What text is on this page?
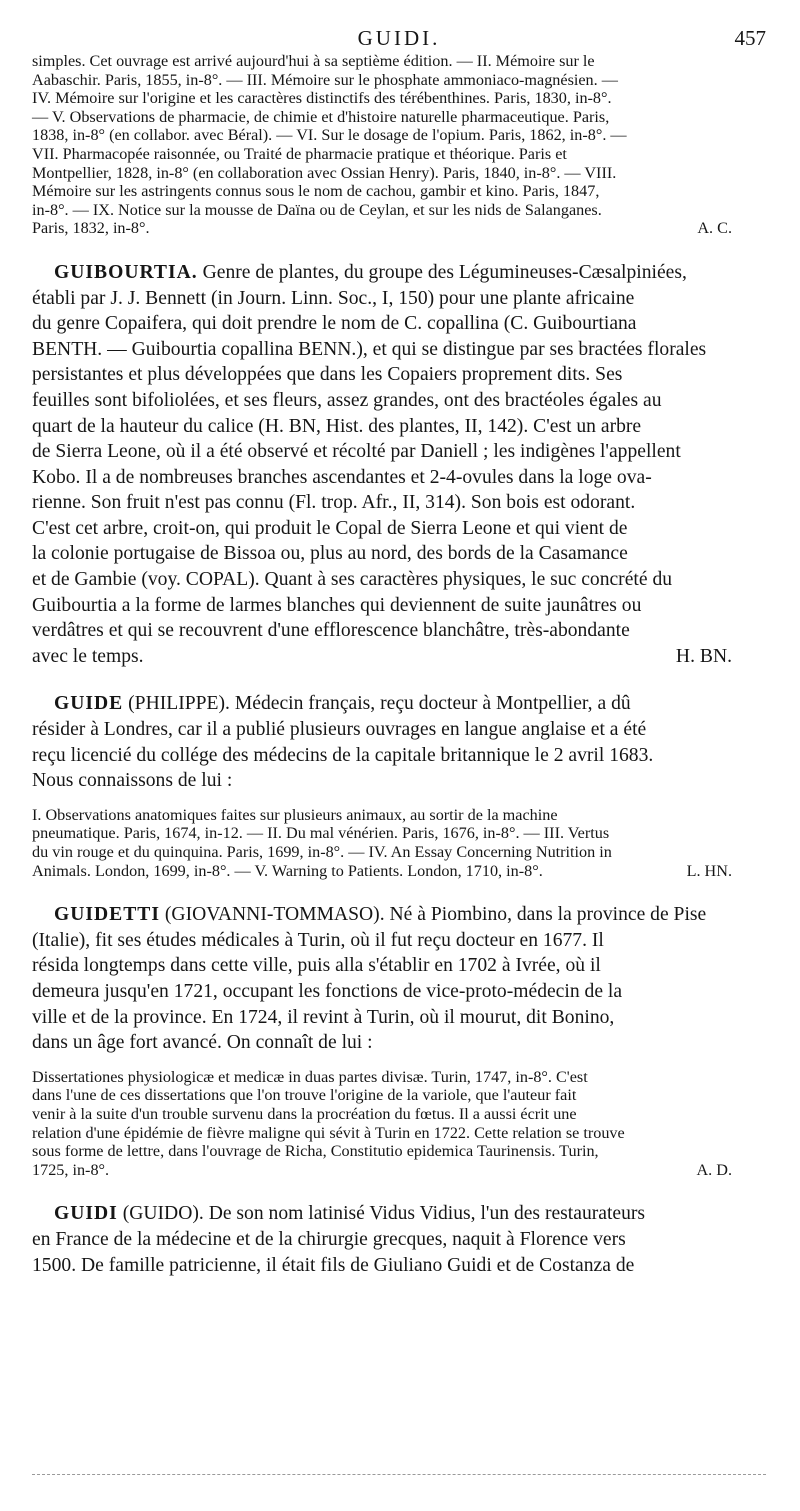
GUIDI.	457

simples. Cet ouvrage est arrivé aujourd'hui à sa septième édition. — II. Mémoire sur le

Aabaschir. Paris, 1855, in-8°. — III. Mémoire sur le phosphate ammoniaco-magnésien. —

IV. Mémoire sur l'origine et les caractères distinctifs des térébenthines. Paris, 1830, in-8°.

— V. Observations de pharmacie, de chimie et d'histoire naturelle pharmaceutique. Paris,

1838, in-8° (en collabor. avec Béral). — VI. Sur le dosage de l'opium. Paris, 1862, in-8°. —

VII. Pharmacopée raisonnée, ou Traité de pharmacie pratique et théorique. Paris et

Montpellier, 1828, in-8° (en collaboration avec Ossian Henry). Paris, 1840, in-8°. — VIII.

Mémoire sur les astringents connus sous le nom de cachou, gambir et kino. Paris, 1847,

in-8°. — IX. Notice sur la mousse de Daïna ou de Ceylan, et sur les nids de Salanganes.

Paris, 1832, in-8°.	A. C.

GUIBOURTIA. Genre de plantes, du groupe des Légumineuses-Cæsalpiniées,

établi par J. J. Bennett (in Journ. Linn. Soc., I, 150) pour une plante africaine

du genre Copaifera, qui doit prendre le nom de C. copallina (C. Guibourtiana

BENTH. — Guibourtia copallina BENN.), et qui se distingue par ses bractées florales

persistantes et plus développées que dans les Copaiers proprement dits. Ses

feuilles sont bifoliolées, et ses fleurs, assez grandes, ont des bractéoles égales au

quart de la hauteur du calice (H. BN, Hist. des plantes, II, 142). C'est un arbre

de Sierra Leone, où il a été observé et récolté par Daniell ; les indigènes l'appellent

Kobo. Il a de nombreuses branches ascendantes et 2-4-ovules dans la loge ova-

rienne. Son fruit n'est pas connu (Fl. trop. Afr., II, 314). Son bois est odorant.

C'est cet arbre, croit-on, qui produit le Copal de Sierra Leone et qui vient de

la colonie portugaise de Bissoa ou, plus au nord, des bords de la Casamance

et de Gambie (voy. COPAL). Quant à ses caractères physiques, le suc concrété du

Guibourtia a la forme de larmes blanches qui deviennent de suite jaunâtres ou

verdâtres et qui se recouvrent d'une efflorescence blanchâtre, très-abondante

avec le temps.	H. BN.

GUIDE (PHILIPPE). Médecin français, reçu docteur à Montpellier, a dû

résider à Londres, car il a publié plusieurs ouvrages en langue anglaise et a été

reçu licencié du collége des médecins de la capitale britannique le 2 avril 1683.

Nous connaissons de lui :

I. Observations anatomiques faites sur plusieurs animaux, au sortir de la machine

pneumatique. Paris, 1674, in-12. — II. Du mal vénérien. Paris, 1676, in-8°. — III. Vertus

du vin rouge et du quinquina. Paris, 1699, in-8°. — IV. An Essay Concerning Nutrition in

Animals. London, 1699, in-8°. — V. Warning to Patients. London, 1710, in-8°.	L. HN.

GUIDETTI (GIOVANNI-TOMMASO). Né à Piombino, dans la province de Pise

(Italie), fit ses études médicales à Turin, où il fut reçu docteur en 1677. Il

résida longtemps dans cette ville, puis alla s'établir en 1702 à Ivrée, où il

demeura jusqu'en 1721, occupant les fonctions de vice-proto-médecin de la

ville et de la province. En 1724, il revint à Turin, où il mourut, dit Bonino,

dans un âge fort avancé. On connaît de lui :

Dissertationes physiologicæ et medicæ in duas partes divisæ. Turin, 1747, in-8°. C'est

dans l'une de ces dissertations que l'on trouve l'origine de la variole, que l'auteur fait

venir à la suite d'un trouble survenu dans la procréation du fœtus. Il a aussi écrit une

relation d'une épidémie de fièvre maligne qui sévit à Turin en 1722. Cette relation se trouve

sous forme de lettre, dans l'ouvrage de Richa, Constitutio epidemica Taurinensis. Turin,

1725, in-8°.	A. D.

GUIDI (GUIDO). De son nom latinisé Vidus Vidius, l'un des restaurateurs

en France de la médecine et de la chirurgie grecques, naquit à Florence vers

1500. De famille patricienne, il était fils de Giuliano Guidi et de Costanza de
